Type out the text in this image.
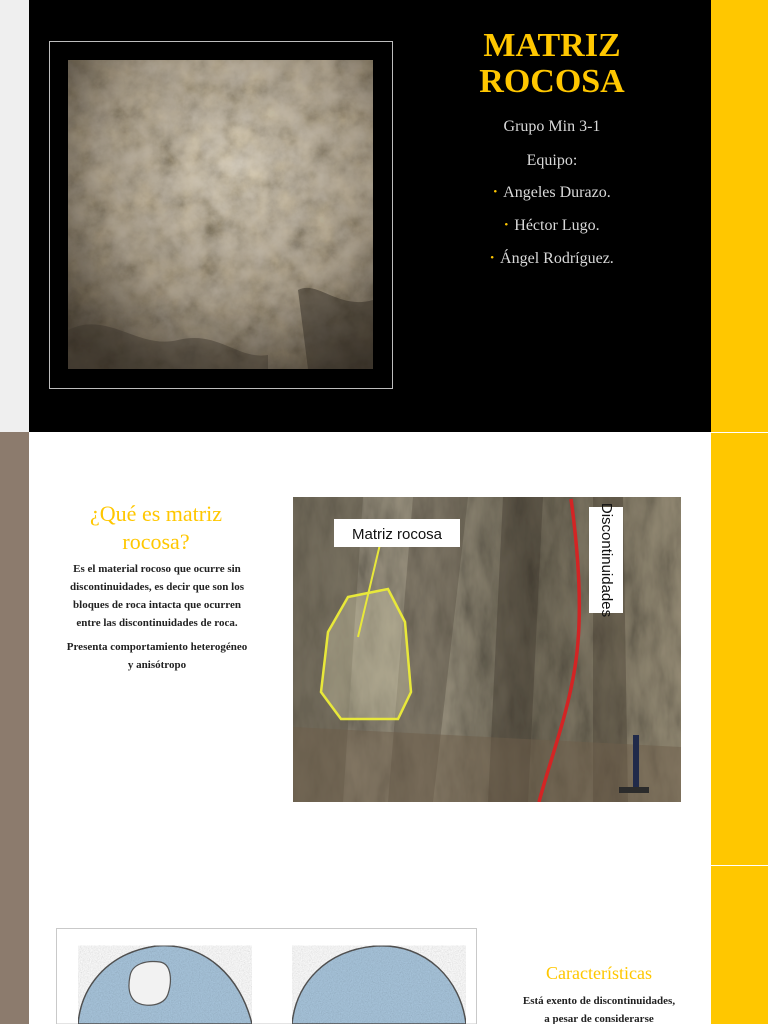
MATRIZ
ROCOSA
Grupo Min 3-1
Equipo:
• Angeles Durazo.
• Héctor Lugo.
• Ángel Rodríguez.
¿Qué es matriz
rocosa?
Es el material rocoso que ocurre sin
discontinuidades, es decir que son los
bloques de roca intacta que ocurren
entre las discontinuidades de roca.
Presenta comportamiento heterogéneo
y anisótropo
Matriz rocosa	Discontinuidades
Características
Está exento de discontinuidades,
a pesar de considerarse
